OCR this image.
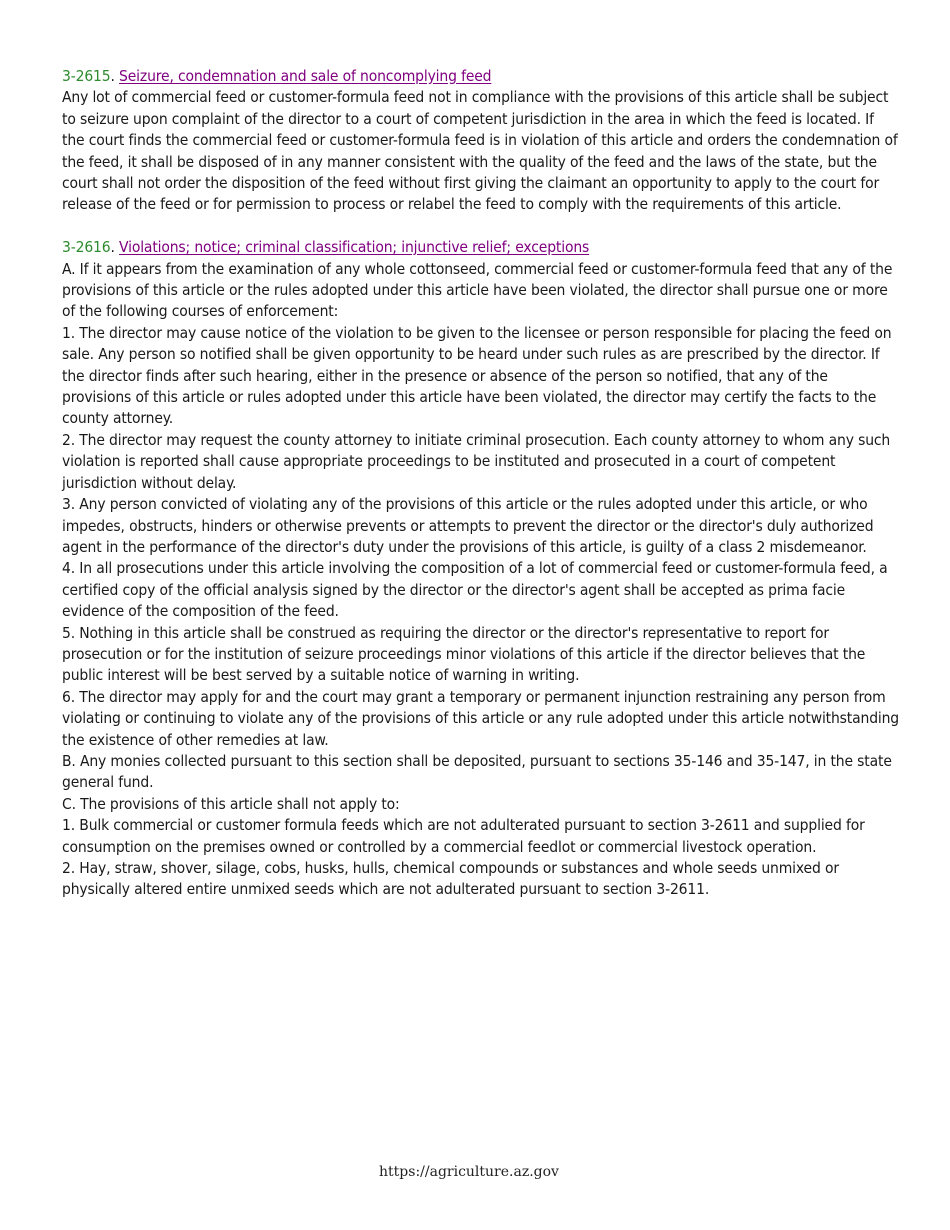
3-2615. Seizure, condemnation and sale of noncomplying feed

Any lot of commercial feed or customer-formula feed not in compliance with the provisions of this article shall be subject to seizure upon complaint of the director to a court of competent jurisdiction in the area in which the feed is located. If the court finds the commercial feed or customer-formula feed is in violation of this article and orders the condemnation of the feed, it shall be disposed of in any manner consistent with the quality of the feed and the laws of the state, but the court shall not order the disposition of the feed without first giving the claimant an opportunity to apply to the court for release of the feed or for permission to process or relabel the feed to comply with the requirements of this article.

3-2616. Violations; notice; criminal classification; injunctive relief; exceptions

A. If it appears from the examination of any whole cottonseed, commercial feed or customer-formula feed that any of the provisions of this article or the rules adopted under this article have been violated, the director shall pursue one or more of the following courses of enforcement:

1. The director may cause notice of the violation to be given to the licensee or person responsible for placing the feed on sale. Any person so notified shall be given opportunity to be heard under such rules as are prescribed by the director. If the director finds after such hearing, either in the presence or absence of the person so notified, that any of the provisions of this article or rules adopted under this article have been violated, the director may certify the facts to the county attorney.

2. The director may request the county attorney to initiate criminal prosecution. Each county attorney to whom any such violation is reported shall cause appropriate proceedings to be instituted and prosecuted in a court of competent jurisdiction without delay.

3. Any person convicted of violating any of the provisions of this article or the rules adopted under this article, or who impedes, obstructs, hinders or otherwise prevents or attempts to prevent the director or the director's duly authorized agent in the performance of the director's duty under the provisions of this article, is guilty of a class 2 misdemeanor.

4. In all prosecutions under this article involving the composition of a lot of commercial feed or customer-formula feed, a certified copy of the official analysis signed by the director or the director's agent shall be accepted as prima facie evidence of the composition of the feed.

5. Nothing in this article shall be construed as requiring the director or the director's representative to report for prosecution or for the institution of seizure proceedings minor violations of this article if the director believes that the public interest will be best served by a suitable notice of warning in writing.

6. The director may apply for and the court may grant a temporary or permanent injunction restraining any person from violating or continuing to violate any of the provisions of this article or any rule adopted under this article notwithstanding the existence of other remedies at law.

B. Any monies collected pursuant to this section shall be deposited, pursuant to sections 35-146 and 35-147, in the state general fund.

C. The provisions of this article shall not apply to:

1. Bulk commercial or customer formula feeds which are not adulterated pursuant to section 3-2611 and supplied for consumption on the premises owned or controlled by a commercial feedlot or commercial livestock operation.

2. Hay, straw, shover, silage, cobs, husks, hulls, chemical compounds or substances and whole seeds unmixed or physically altered entire unmixed seeds which are not adulterated pursuant to section 3-2611.

https://agriculture.az.gov
